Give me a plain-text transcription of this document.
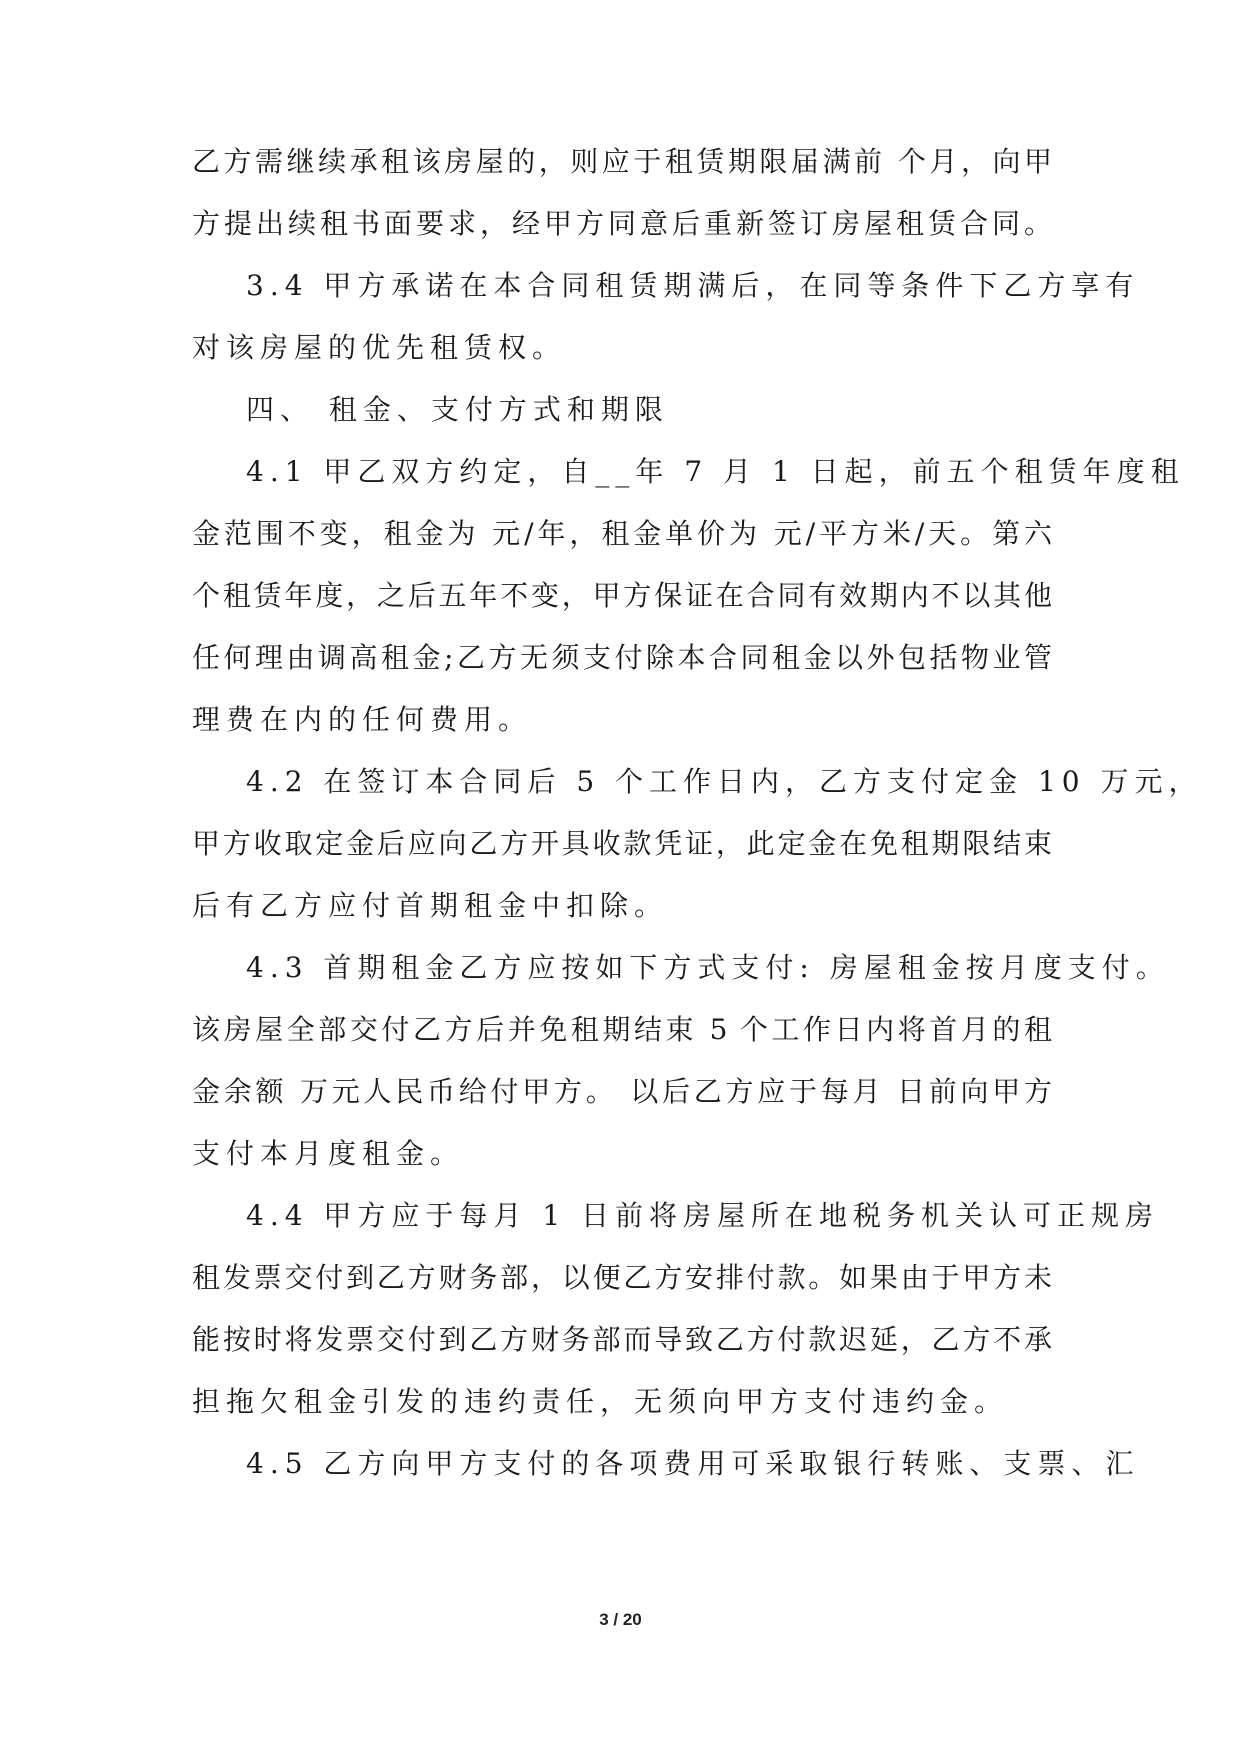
乙方需继续承租该房屋的，则应于租赁期限届满前 个月，向甲
方提出续租书面要求，经甲方同意后重新签订房屋租赁合同。
3.4 甲方承诺在本合同租赁期满后，在同等条件下乙方享有
对该房屋的优先租赁权。
四、 租金、支付方式和期限
4.1 甲乙双方约定，自__年 7 月 1 日起，前五个租赁年度租
金范围不变，租金为 元/年，租金单价为 元/平方米/天。第六
个租赁年度，之后五年不变，甲方保证在合同有效期内不以其他
任何理由调高租金;乙方无须支付除本合同租金以外包括物业管
理费在内的任何费用。
4.2 在签订本合同后 5 个工作日内，乙方支付定金 10 万元，
甲方收取定金后应向乙方开具收款凭证，此定金在免租期限结束
后有乙方应付首期租金中扣除。
4.3 首期租金乙方应按如下方式支付: 房屋租金按月度支付。
该房屋全部交付乙方后并免租期结束 5 个工作日内将首月的租
金余额 万元人民币给付甲方。 以后乙方应于每月 日前向甲方
支付本月度租金。
4.4 甲方应于每月 1 日前将房屋所在地税务机关认可正规房
租发票交付到乙方财务部，以便乙方安排付款。如果由于甲方未
能按时将发票交付到乙方财务部而导致乙方付款迟延，乙方不承
担拖欠租金引发的违约责任，无须向甲方支付违约金。
4.5 乙方向甲方支付的各项费用可采取银行转账、支票、汇
3 / 20
